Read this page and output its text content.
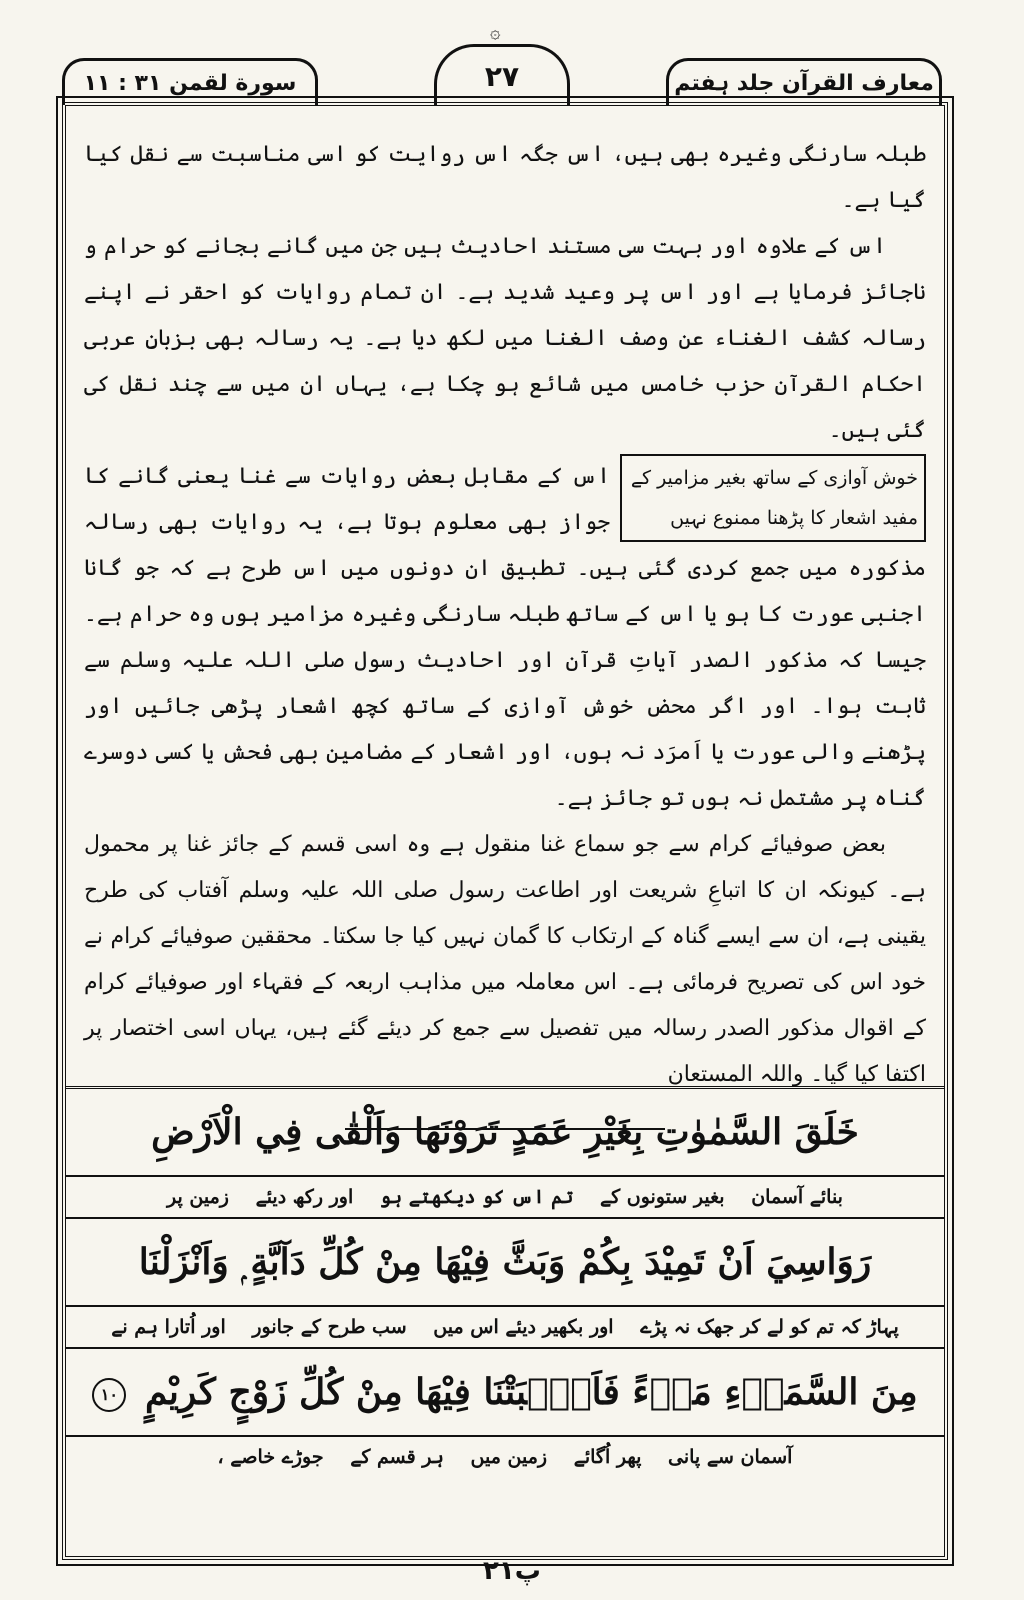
۞
معارف القرآن جلد ہفتم
۲۷
سورة لقمن ۳۱ : ۱۱

طبلہ سارنگی وغیرہ بھی ہیں، اس جگہ اس روایت کو اسی مناسبت سے نقل کیا گیا ہے۔

اس کے علاوہ اور بہت سی مستند احادیث ہیں جن میں گانے بجانے کو حرام و ناجائز فرمایا ہے اور اس پر وعید شدید ہے۔ ان تمام روایات کو احقر نے اپنے رسالہ کشف الغناء عن وصف الغنا میں لکھ دیا ہے۔ یہ رسالہ بھی بزبانِ عربی احکام القرآن حزب خامس میں شائع ہو چکا ہے، یہاں ان میں سے چند نقل کی گئی ہیں۔

خوش آوازی کے ساتھ بغیر مزامیر کے

مفید اشعار کا پڑھنا ممنوع نہیں

اس کے مقابل بعض روایات سے غنا یعنی گانے کا جواز بھی معلوم ہوتا ہے، یہ روایات بھی رسالہ مذکورہ میں جمع کردی گئی ہیں۔ تطبیق ان دونوں میں اس طرح ہے کہ جو گانا اجنبی عورت کا ہو یا اس کے ساتھ طبلہ سارنگی وغیرہ مزامیر ہوں وہ حرام ہے۔ جیسا کہ مذکور الصدر آیاتِ قرآن اور احادیث رسول صلی اللہ علیہ وسلم سے ثابت ہوا۔ اور اگر محض خوش آوازی کے ساتھ کچھ اشعار پڑھی جائیں اور پڑھنے والی عورت یا اَمرَد نہ ہوں، اور اشعار کے مضامین بھی فحش یا کسی دوسرے گناہ پر مشتمل نہ ہوں تو جائز ہے۔

بعض صوفیائے کرام سے جو سماع غنا منقول ہے وہ اسی قسم کے جائز غنا پر محمول ہے۔ کیونکہ ان کا اتباعِ شریعت اور اطاعت رسول صلی اللہ علیہ وسلم آفتاب کی طرح یقینی ہے، ان سے ایسے گناہ کے ارتکاب کا گمان نہیں کیا جا سکتا۔ محققین صوفیائے کرام نے خود اس کی تصریح فرمائی ہے۔ اس معاملہ میں مذاہب اربعہ کے فقہاء اور صوفیائے کرام کے اقوال مذکور الصدر رسالہ میں تفصیل سے جمع کر دیئے گئے ہیں، یہاں اسی اختصار پر اکتفا کیا گیا۔ واللہ المستعان

خَلَقَ السَّمٰوٰتِ بِغَيْرِ عَمَدٍ تَرَوْنَهَا وَاَلْقٰى فِي الْاَرْضِ
بنائے آسمان بغیر ستونوں کے تم اس کو دیکھتے ہو اور رکھ دیئے زمین پر
رَوَاسِيَ اَنْ تَمِيْدَ بِكُمْ وَبَثَّ فِيْهَا مِنْ كُلِّ دَآبَّةٍ ۭ وَاَنْزَلْنَا
پہاڑ کہ تم کو لے کر جھک نہ پڑے اور بکھیر دیئے اس میں سب طرح کے جانور اور اُتارا ہم نے
مِنَ السَّمَاۗءِ مَاۗءً فَاَنْۢبَتْنَا فِيْهَا مِنْ كُلِّ زَوْجٍ كَرِيْمٍ ۱۰
آسمان سے پانی پھر اُگائے زمین میں ہر قسم کے جوڑے خاصے ،
۲۱پ
